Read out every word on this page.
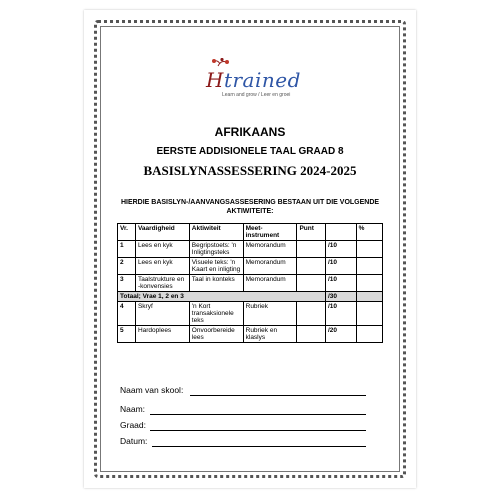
Htrained
Learn and grow / Leer en groei
AFRIKAANS
EERSTE ADDISIONELE TAAL GRAAD 8
BASISLYNASSESSERING 2024-2025
HIERDIE BASISLYN-/AANVANGSASSESERING BESTAAN UIT DIE VOLGENDE AKTIWITEITE:
Vr.	Vaardigheid	Aktiwiteit	Meet-instrument	Punt		%
1	Lees en kyk	Begripstoets: 'n Inligtingsteks	Memorandum		/10	
2	Lees en kyk	Visuele teks: 'n Kaart en inligting	Memorandum		/10	
3	Taalstrukture en -konvensies	Taal in konteks	Memorandum		/10	
Totaal; Vrae 1, 2 en 3					/30	
4	Skryf	'n Kort transaksionele teks	Rubriek		/10	
5	Hardoplees	Onvoorbereide lees	Rubriek en klaslys		/20	
Naam van skool:
Naam:
Graad:
Datum:
